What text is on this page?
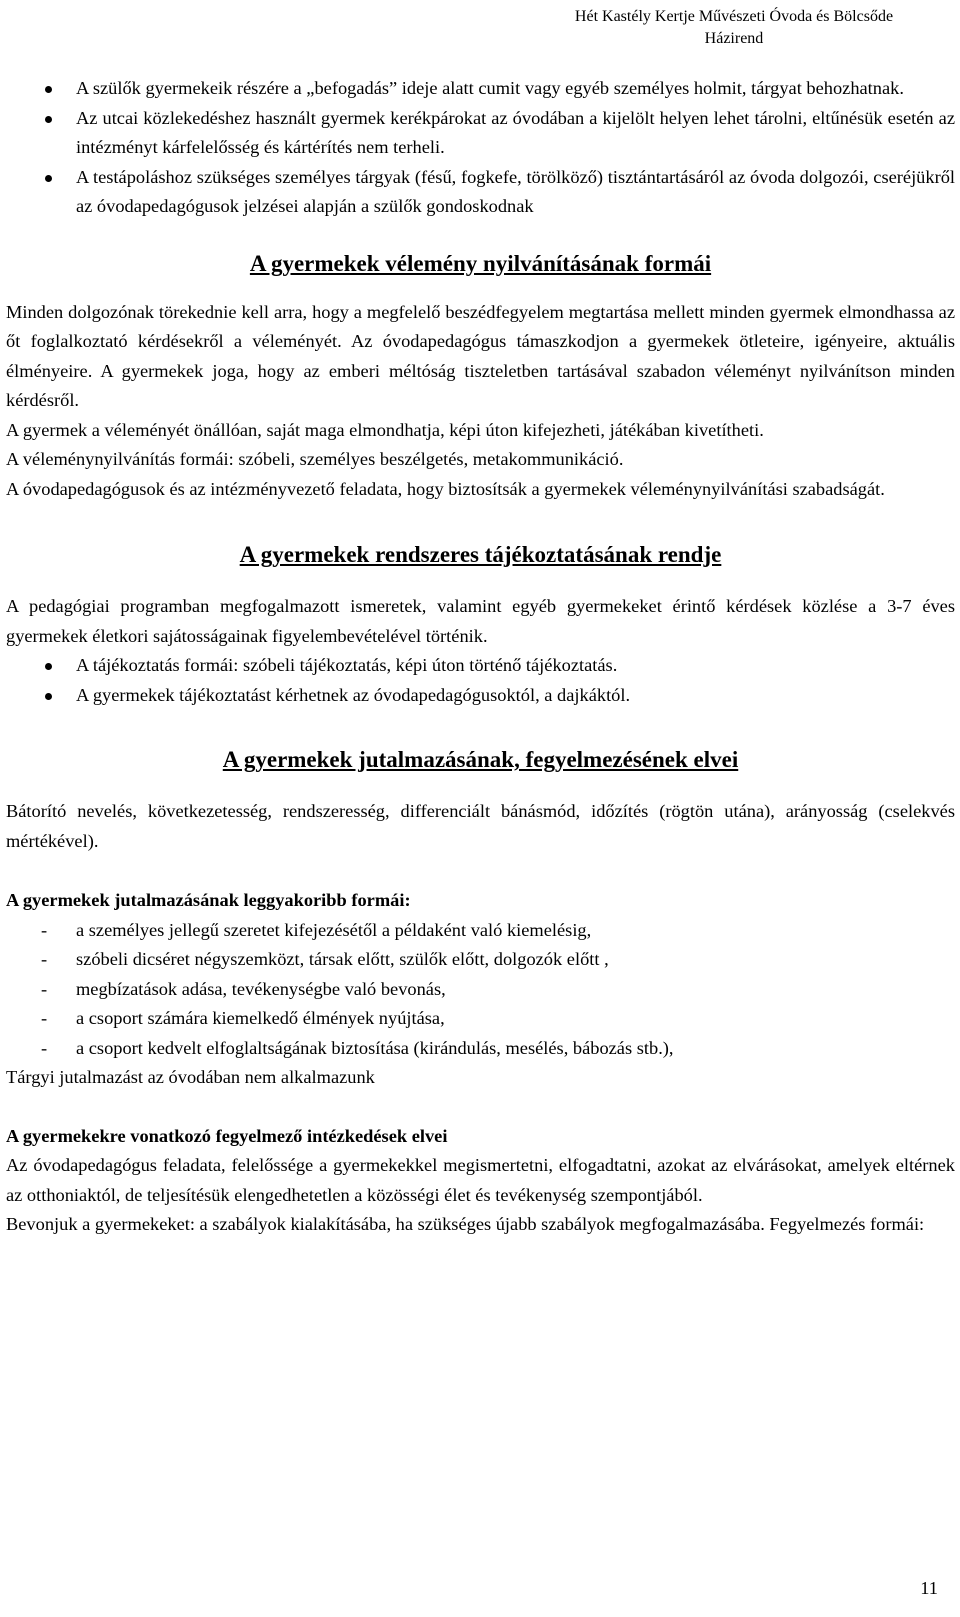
Hét Kastély Kertje Művészeti Óvoda és Bölcsőde
Házirend
A szülők gyermekeik részére a „befogadás” ideje alatt cumit vagy egyéb személyes holmit, tárgyat behozhatnak.
Az utcai közlekedéshez használt gyermek kerékpárokat az óvodában a kijelölt helyen lehet tárolni, eltűnésük esetén az intézményt kárfelelősség és kártérítés nem terheli.
A testápoláshoz szükséges személyes tárgyak (fésű, fogkefe, törölköző) tisztántartásáról az óvoda dolgozói, cseréjükről az óvodapedagógusok jelzései alapján a szülők gondoskodnak
A gyermekek vélemény nyilvánításának formái

Minden dolgozónak törekednie kell arra, hogy a megfelelő beszédfegyelem megtartása mellett minden gyermek elmondhassa az őt foglalkoztató kérdésekről a véleményét. Az óvodapedagógus támaszkodjon a gyermekek ötleteire, igényeire, aktuális élményeire. A gyermekek joga, hogy az emberi méltóság tiszteletben tartásával szabadon véleményt nyilvánítson minden kérdésről.

A gyermek a véleményét önállóan, saját maga elmondhatja, képi úton kifejezheti, játékában kivetítheti.

A véleménynyilvánítás formái: szóbeli, személyes beszélgetés, metakommunikáció.

A óvodapedagógusok és az intézményvezető feladata, hogy biztosítsák a gyermekek véleménynyilvánítási szabadságát.

A gyermekek rendszeres tájékoztatásának rendje

A pedagógiai programban megfogalmazott ismeretek, valamint egyéb gyermekeket érintő kérdések közlése a 3-7 éves gyermekek életkori sajátosságainak figyelembevételével történik.

A tájékoztatás formái: szóbeli tájékoztatás, képi úton történő tájékoztatás.
A gyermekek tájékoztatást kérhetnek az óvodapedagógusoktól, a dajkáktól.
A gyermekek jutalmazásának, fegyelmezésének elvei

Bátorító nevelés, következetesség, rendszeresség, differenciált bánásmód, időzítés (rögtön utána), arányosság (cselekvés mértékével).

A gyermekek jutalmazásának leggyakoribb formái:

- a személyes jellegű szeretet kifejezésétől a példaként való kiemelésig,
- szóbeli dicséret négyszemközt, társak előtt, szülők előtt, dolgozók előtt ,
- megbízatások adása, tevékenységbe való bevonás,
- a csoport számára kiemelkedő élmények nyújtása,
- a csoport kedvelt elfoglaltságának biztosítása (kirándulás, mesélés, bábozás stb.),

Tárgyi jutalmazást az óvodában nem alkalmazunk

A gyermekekre vonatkozó fegyelmező intézkedések elvei

Az óvodapedagógus feladata, felelőssége a gyermekekkel megismertetni, elfogadtatni, azokat az elvárásokat, amelyek eltérnek az otthoniaktól, de teljesítésük elengedhetetlen a közösségi élet és tevékenység szempontjából.

Bevonjuk a gyermekeket: a szabályok kialakításába, ha szükséges újabb szabályok megfogalmazásába. Fegyelmezés formái:

11
